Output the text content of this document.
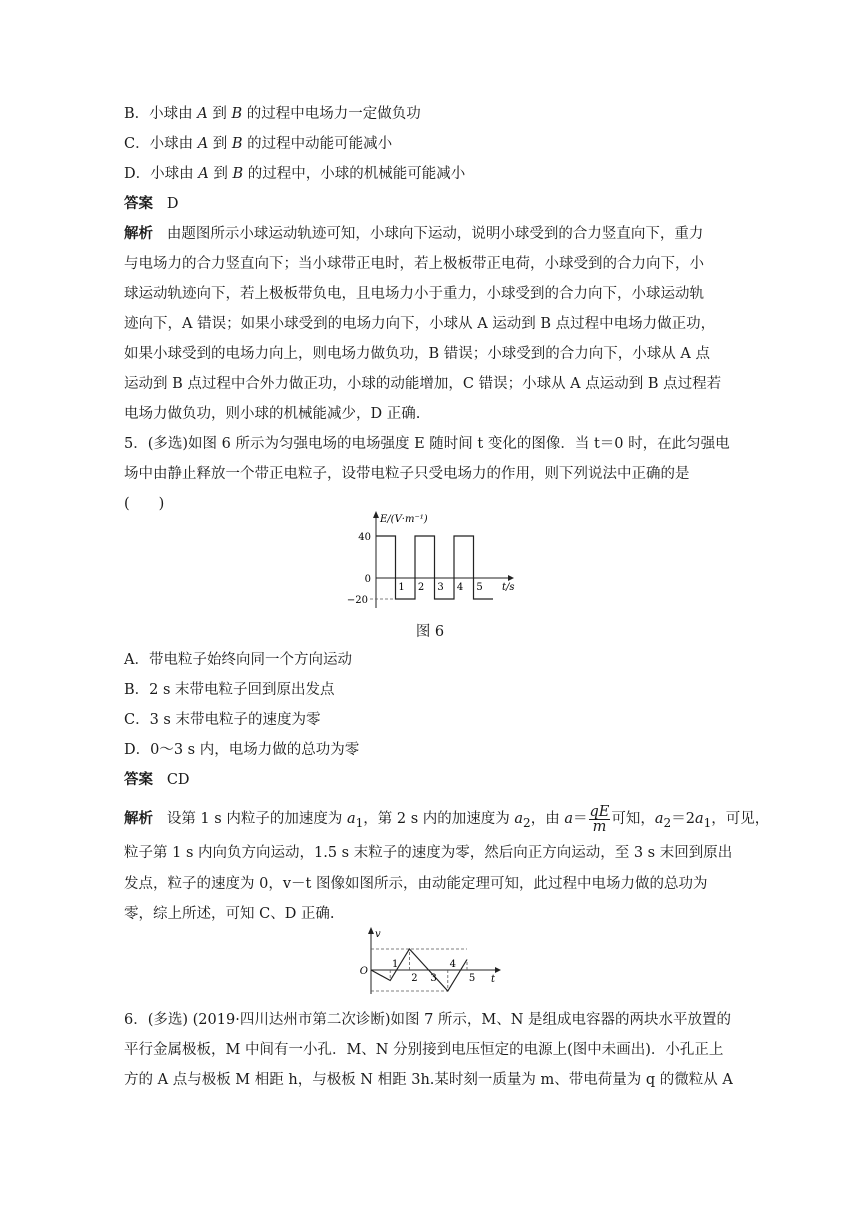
B．小球由 A 到 B 的过程中电场力一定做负功
C．小球由 A 到 B 的过程中动能可能减小
D．小球由 A 到 B 的过程中，小球的机械能可能减小
答案 D
解析 由题图所示小球运动轨迹可知，小球向下运动，说明小球受到的合力竖直向下，重力
与电场力的合力竖直向下；当小球带正电时，若上极板带正电荷，小球受到的合力向下，小
球运动轨迹向下，若上极板带负电，且电场力小于重力，小球受到的合力向下，小球运动轨
迹向下，A 错误；如果小球受到的电场力向下，小球从 A 运动到 B 点过程中电场力做正功，
如果小球受到的电场力向上，则电场力做负功，B 错误；小球受到的合力向下，小球从 A 点
运动到 B 点过程中合外力做正功，小球的动能增加，C 错误；小球从 A 点运动到 B 点过程若
电场力做负功，则小球的机械能减少，D 正确.
5．(多选)如图 6 所示为匀强电场的电场强度 E 随时间 t 变化的图像．当 t＝0 时，在此匀强电
场中由静止释放一个带正电粒子，设带电粒子只受电场力的作用，则下列说法中正确的是
(　　)
E/(V·m⁻¹)
40
0
−20
1 2 3 4 5 t/s
图 6
A．带电粒子始终向同一个方向运动
B．2 s 末带电粒子回到原出发点
C．3 s 末带电粒子的速度为零
D．0～3 s 内，电场力做的总功为零
答案 CD
解析 设第 1 s 内粒子的加速度为 $a_1$，第 2 s 内的加速度为 $a_2$，由 $a= \frac{qE}{m}$ 可知，$a_2=2a_1$，可见，
粒子第 1 s 内向负方向运动，1.5 s 末粒子的速度为零，然后向正方向运动，至 3 s 末回到原出
发点，粒子的速度为 0，v－t 图像如图所示，由动能定理可知，此过程中电场力做的总功为
零，综上所述，可知 C、D 正确.
v
O
1
2 3
4
5 t
6．(多选) (2019·四川达州市第二次诊断)如图 7 所示，M、N 是组成电容器的两块水平放置的
平行金属极板，M 中间有一小孔．M、N 分别接到电压恒定的电源上(图中未画出)．小孔正上
方的 A 点与极板 M 相距 h，与极板 N 相距 3h.某时刻一质量为 m、带电荷量为 q 的微粒从 A
